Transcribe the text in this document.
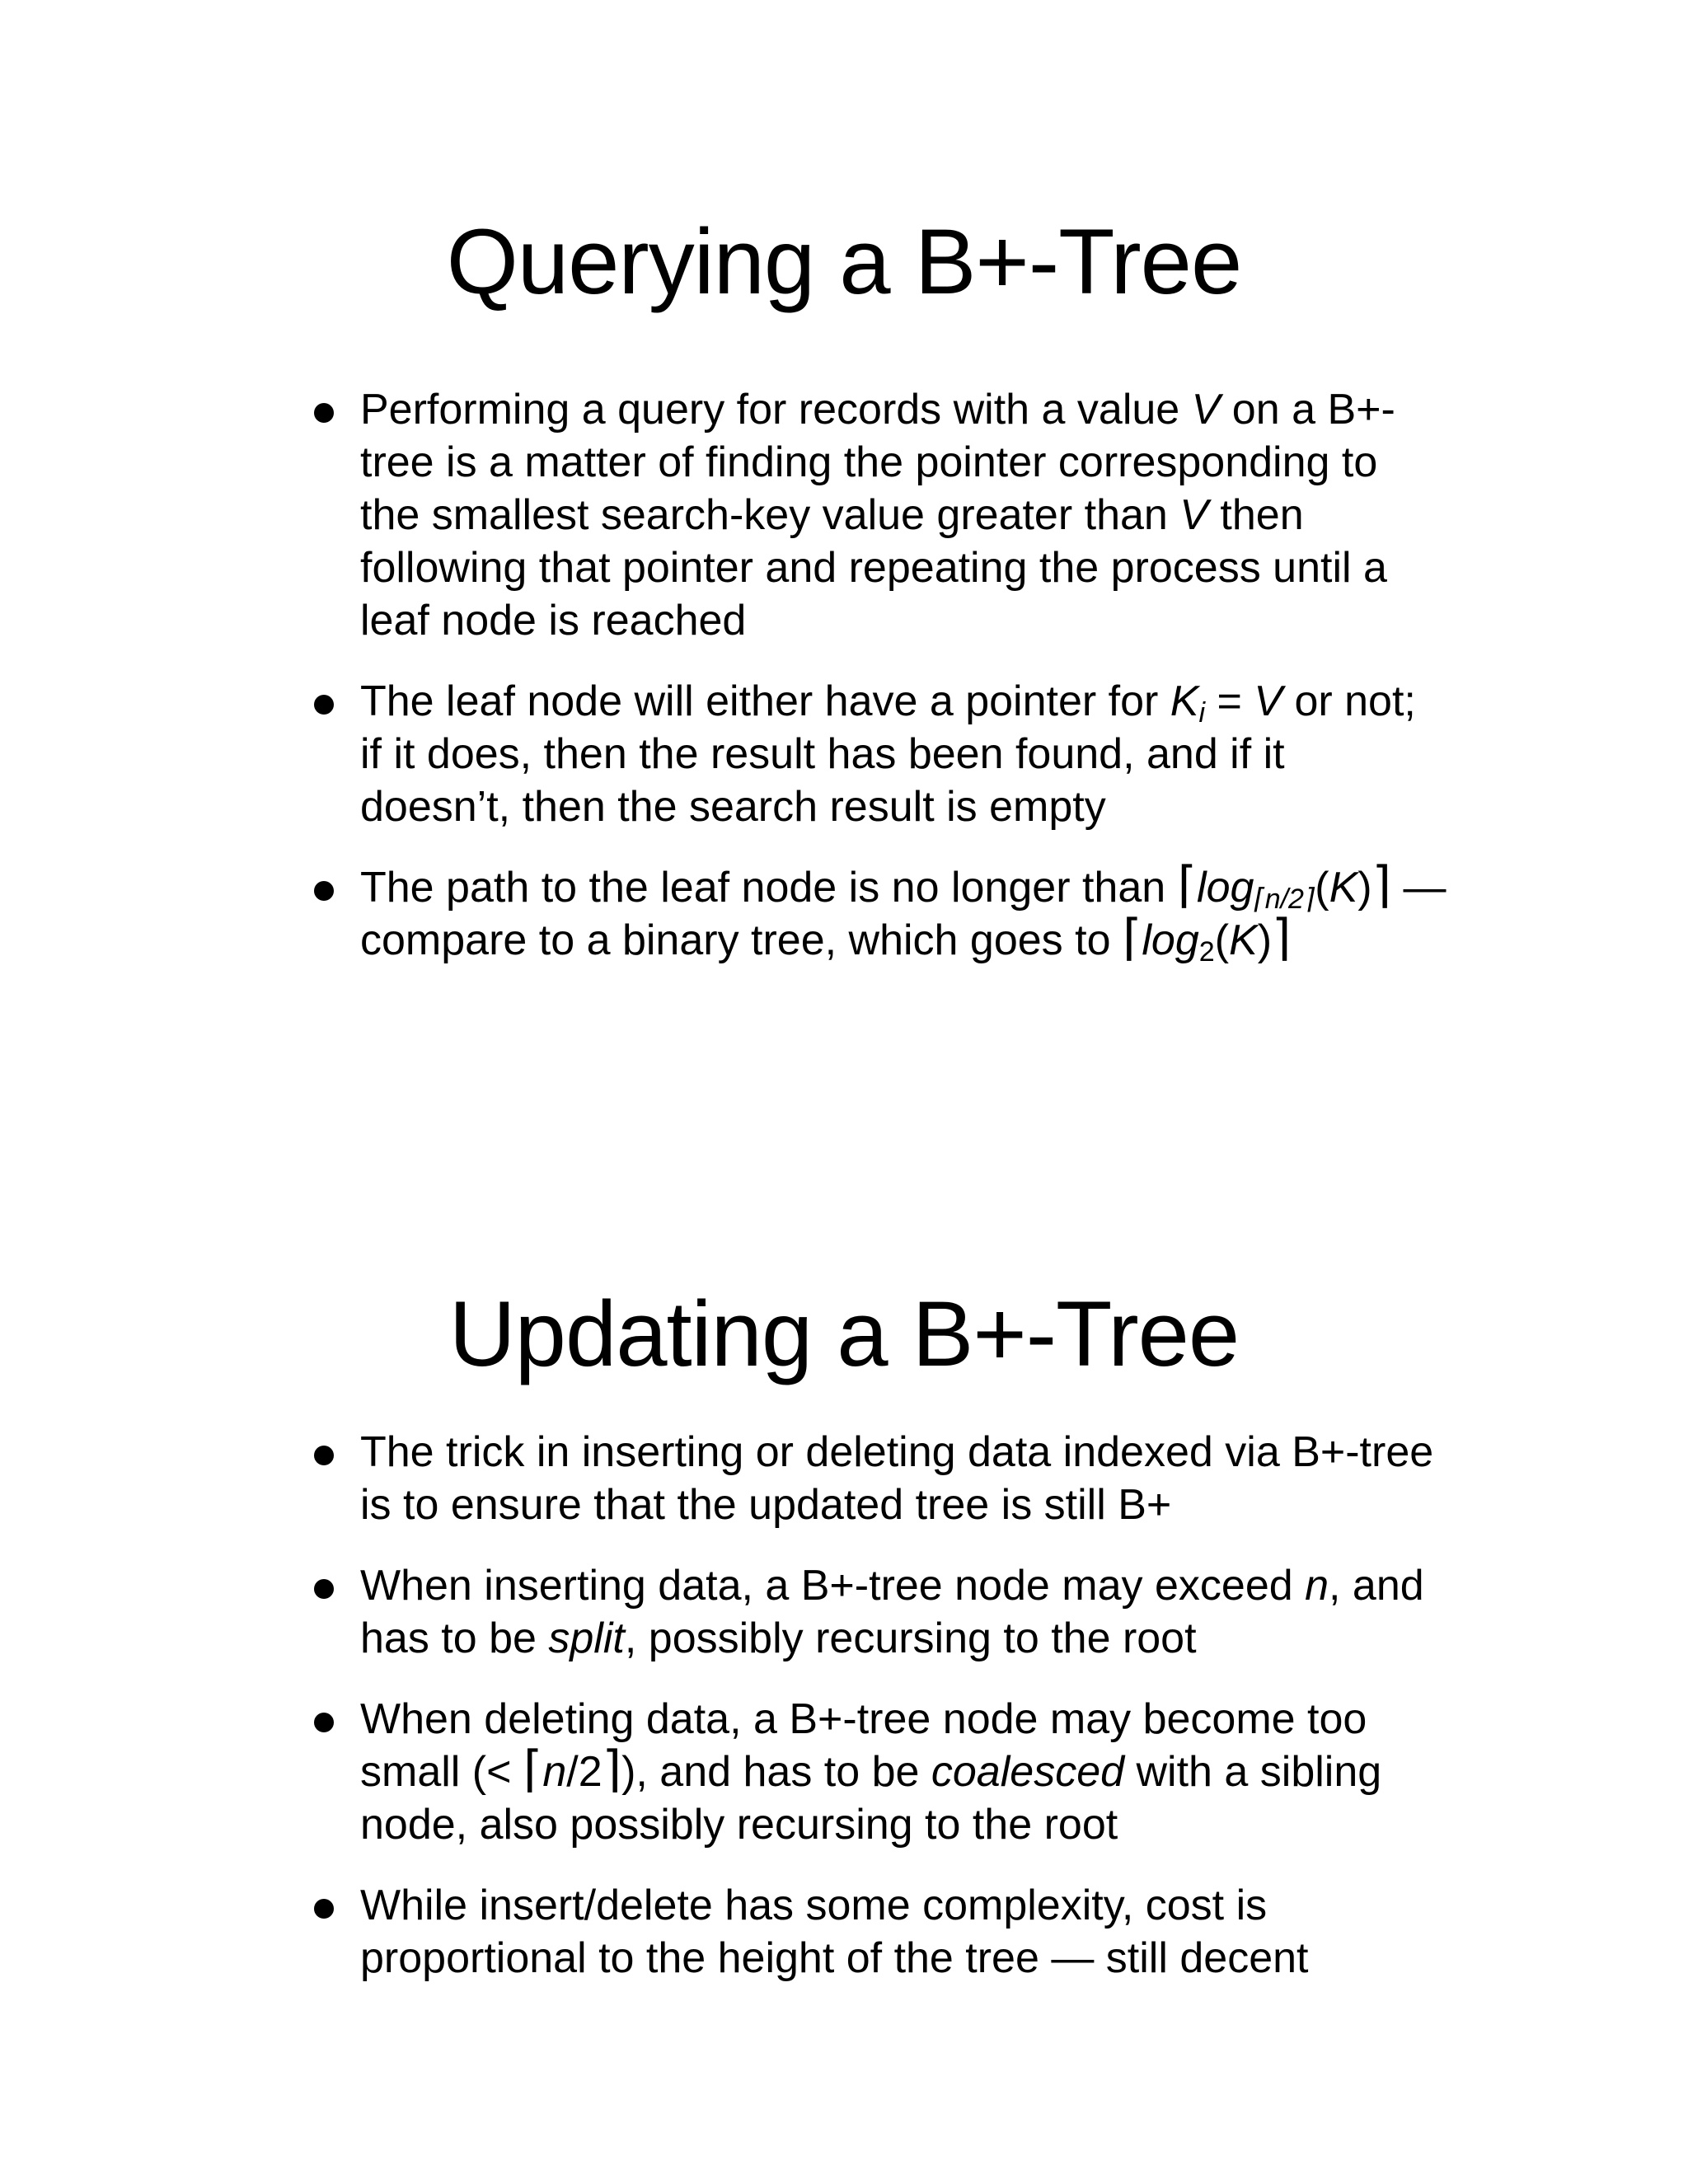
Querying a B+-Tree
Performing a query for records with a value V on a B+-tree is a matter of finding the pointer corresponding to the smallest search-key value greater than V then following that pointer and repeating the process until a leaf node is reached
The leaf node will either have a pointer for $K_i = V$ or not; if it does, then the result has been found, and if it doesn’t, then the search result is empty
The path to the leaf node is no longer than $⌈\log_{⌈n/2⌉}(K)⌉$ — compare to a binary tree, which goes to $⌈\log_2(K)⌉$
Updating a B+-Tree
The trick in inserting or deleting data indexed via B+-tree is to ensure that the updated tree is still B+
When inserting data, a B+-tree node may exceed n, and has to be split, possibly recursing to the root
When deleting data, a B+-tree node may become too small (< ⌈n/2⌉), and has to be coalesced with a sibling node, also possibly recursing to the root
While insert/delete has some complexity, cost is proportional to the height of the tree — still decent
